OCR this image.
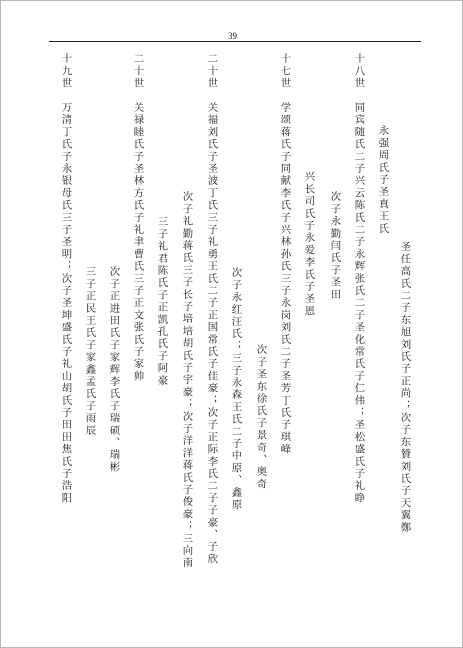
39
圣任高氏二子东旭刘氏子正尚；次子东贊刘氏子天翼鄭
永强周氏子圣真王氏
十八世　同宾随氏二子兴云陈氏二子永辉张氏二子圣化常氏子仁伟；圣松盛氏子礼睁
次子永勤闫氏子圣田
兴长司氏子永爱李氏子圣恩
十七世　学颂蒋氏子同献李氏子兴林孙氏三子永岗刘氏二子圣芳丁氏子琪峰
次子圣东徐氏子景奇、奥奇
次子永红汪氏；三子永森王氏二子中原、鑫原
二十世　关福刘氏子圣波丁氏三子礼勇王氏二子正国常氏子佳豪；次子正际李氏二子子豪、子欣
次子礼勤蒋氏三子长子培培胡氏子宇豪；次子洋洋蒋氏子俊豪；三向南
三子礼君陈氏子正凯孔氏子阿豪
二十世　关禄睦氏子圣林方氏子礼聿曹氏三子正文张氏子家帅
次子正进田氏子家辉李氏子瑞硕、瑞彬
三子正民王氏子家鑫孟氏子雨辰
十九世　万清丁氏子永银母氏三子圣明；次子圣坤盛氏子礼山胡氏子田田焦氏子浩阳
